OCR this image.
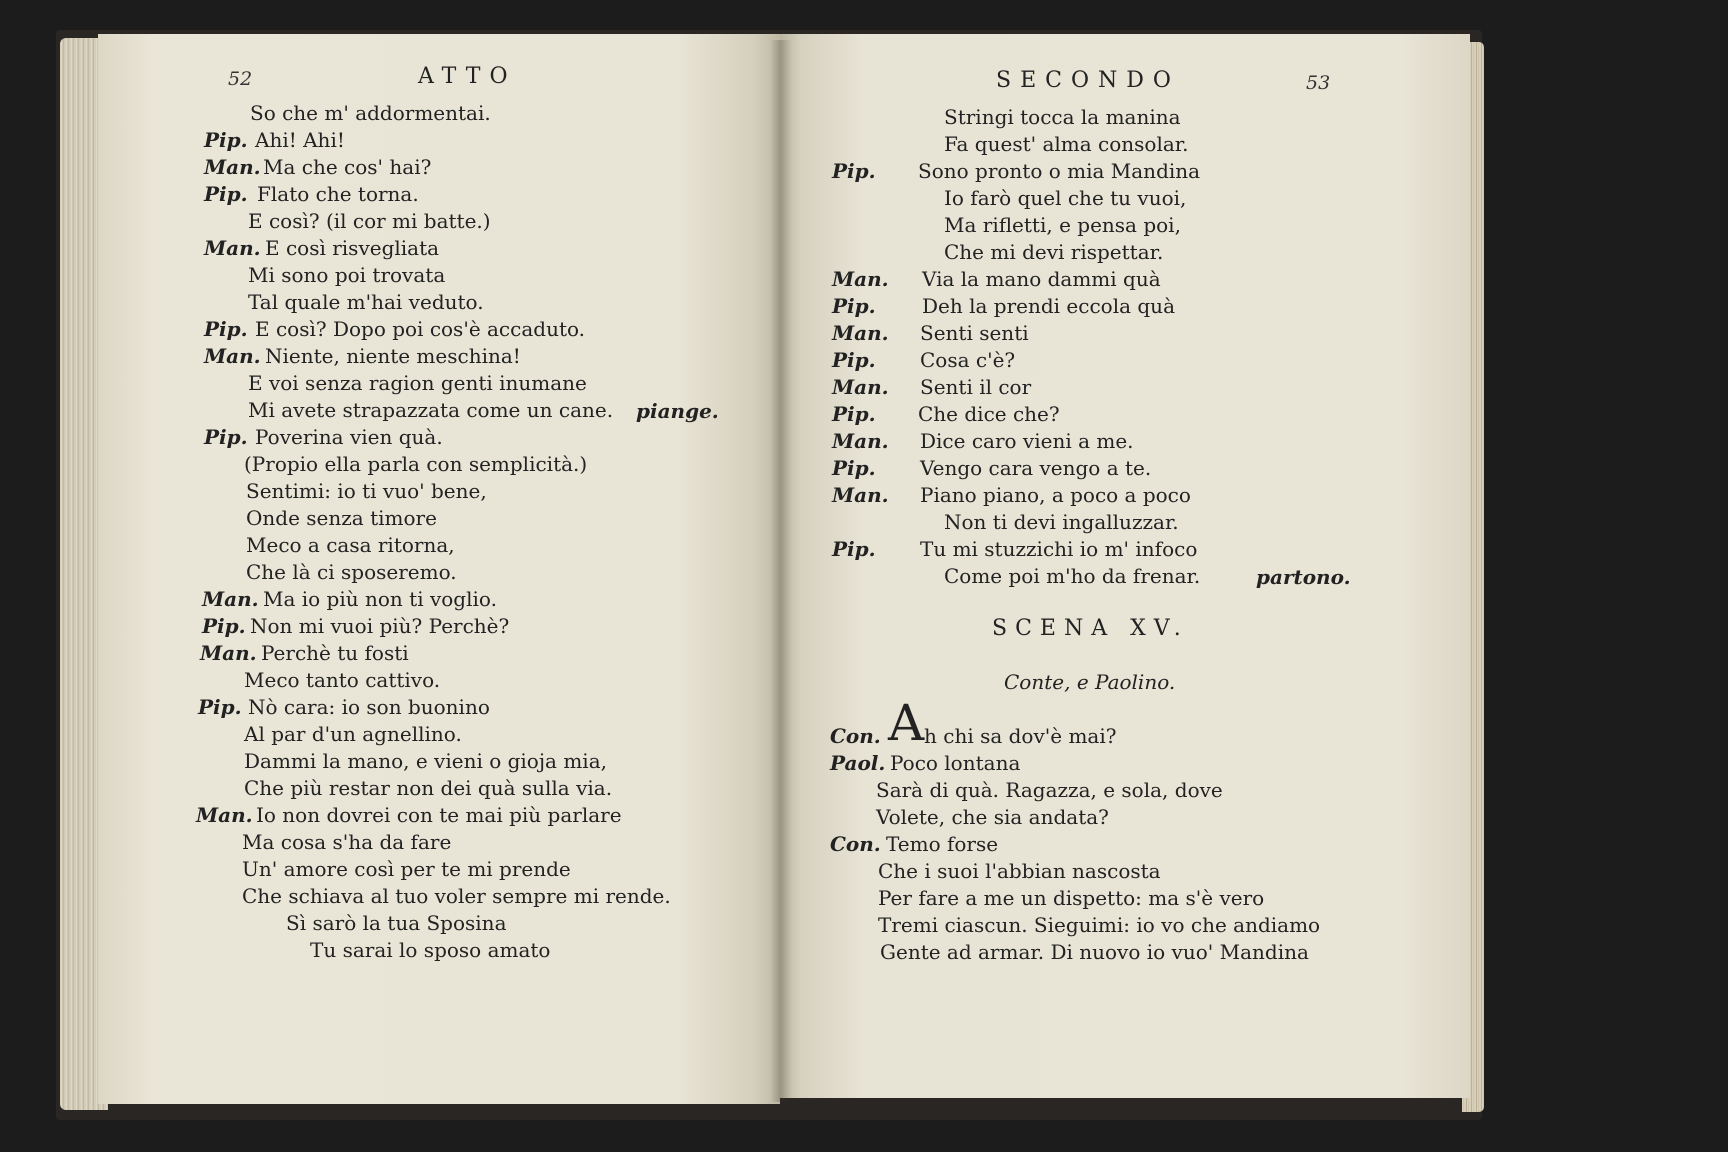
52	ATTO
So che m' addormentai.
Pip. Ahi! Ahi!
Man. Ma che cos' hai?
Pip. Flato che torna.
E così? (il cor mi batte.)
Man. E così risvegliata
Mi sono poi trovata
Tal quale m'hai veduto.
Pip. E così? Dopo poi cos'è accaduto.
Man. Niente, niente meschina!
E voi senza ragion genti inumane
Mi avete strapazzata come un cane. piange.
Pip. Poverina vien quà.
(Propio ella parla con semplicità.)
Sentimi: io ti vuo' bene,
Onde senza timore
Meco a casa ritorna,
Che là ci sposeremo.
Man. Ma io più non ti voglio.
Pip. Non mi vuoi più? Perchè?
Man. Perchè tu fosti
Meco tanto cattivo.
Pip. Nò cara: io son buonino
Al par d'un agnellino.
Dammi la mano, e vieni o gioja mia,
Che più restar non dei quà sulla via.
Man. Io non dovrei con te mai più parlare
Ma cosa s'ha da fare
Un' amore così per te mi prende
Che schiava al tuo voler sempre mi rende.
Sì sarò la tua Sposina
Tu sarai lo sposo amato
SECONDO	53
Stringi tocca la manina
Fa quest' alma consolar.
Pip. Sono pronto o mia Mandina
Io farò quel che tu vuoi,
Ma rifletti, e pensa poi,
Che mi devi rispettar.
Man. Via la mano dammi quà
Pip. Deh la prendi eccola quà
Man. Senti senti
Pip. Cosa c'è?
Man. Senti il cor
Pip. Che dice che?
Man. Dice caro vieni a me.
Pip. Vengo cara vengo a te.
Man. Piano piano, a poco a poco
Non ti devi ingalluzzar.
Pip. Tu mi stuzzichi io m' infoco
Come poi m'ho da frenar.	partono.
SCENA XV.
Conte, e Paolino.
A
Con. h chi sa dov'è mai?
Paol. Poco lontana
Sarà di quà. Ragazza, e sola, dove
Volete, che sia andata?
Con. Temo forse
Che i suoi l'abbian nascosta
Per fare a me un dispetto: ma s'è vero
Tremi ciascun. Sieguimi: io vo che andiamo
Gente ad armar. Di nuovo io vuo' Mandina
